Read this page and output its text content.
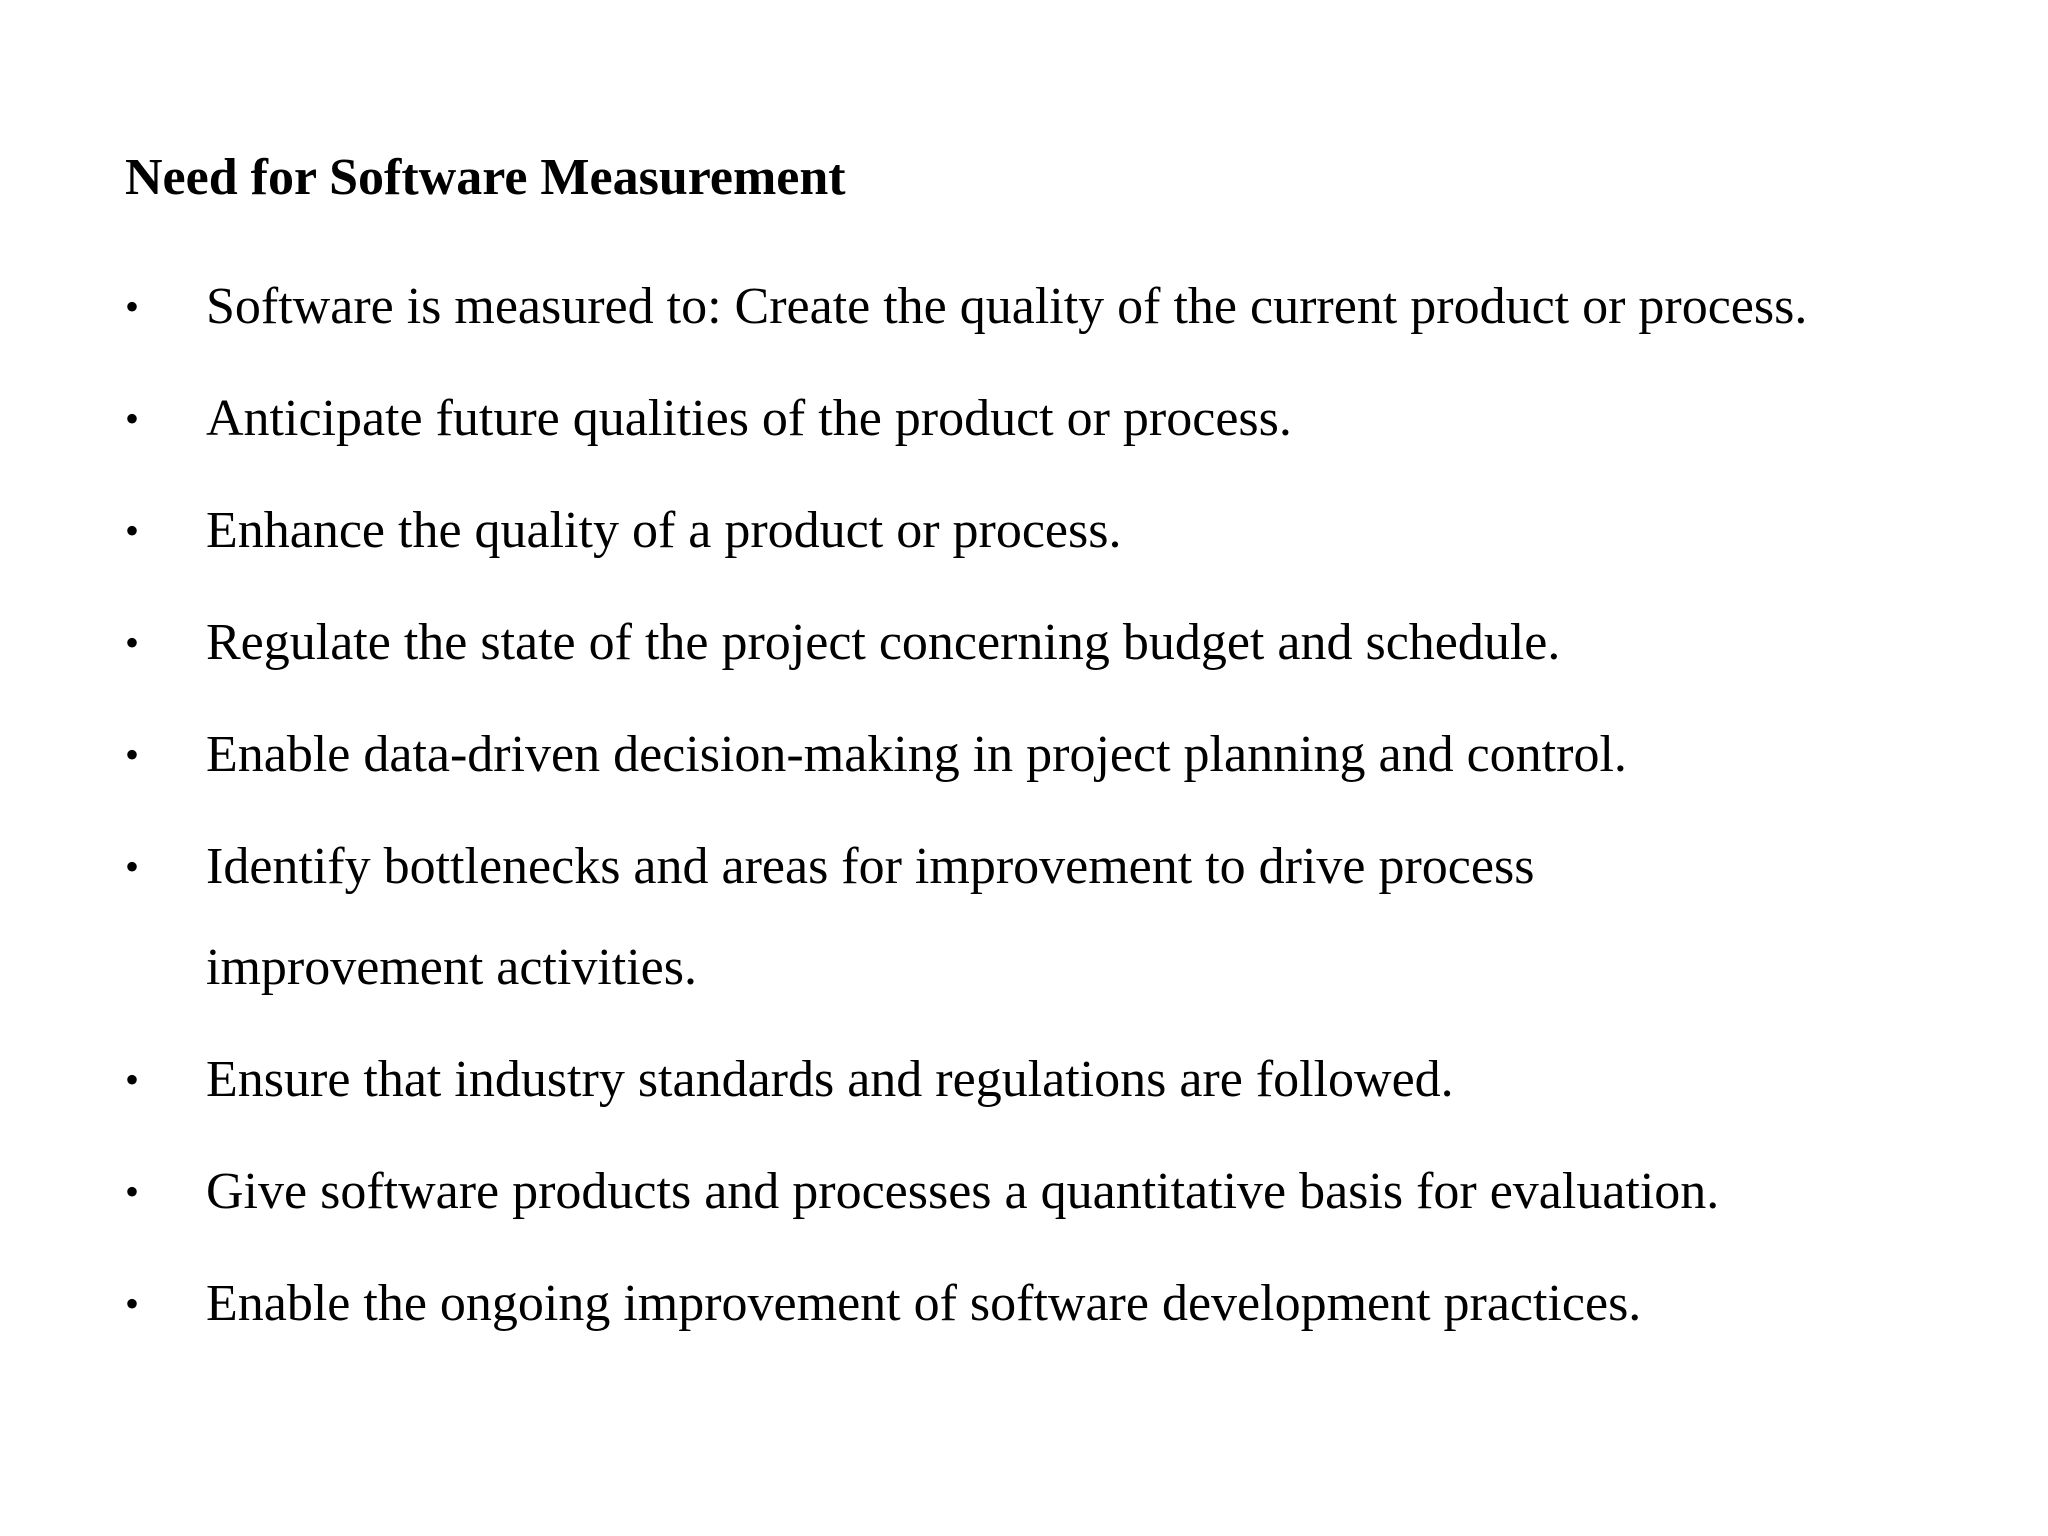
Need for Software Measurement
• Software is measured to: Create the quality of the current product or process.
• Anticipate future qualities of the product or process.
• Enhance the quality of a product or process.
• Regulate the state of the project concerning budget and schedule.
• Enable data-driven decision-making in project planning and control.
• Identify bottlenecks and areas for improvement to drive process improvement activities.
• Ensure that industry standards and regulations are followed.
• Give software products and processes a quantitative basis for evaluation.
• Enable the ongoing improvement of software development practices.
